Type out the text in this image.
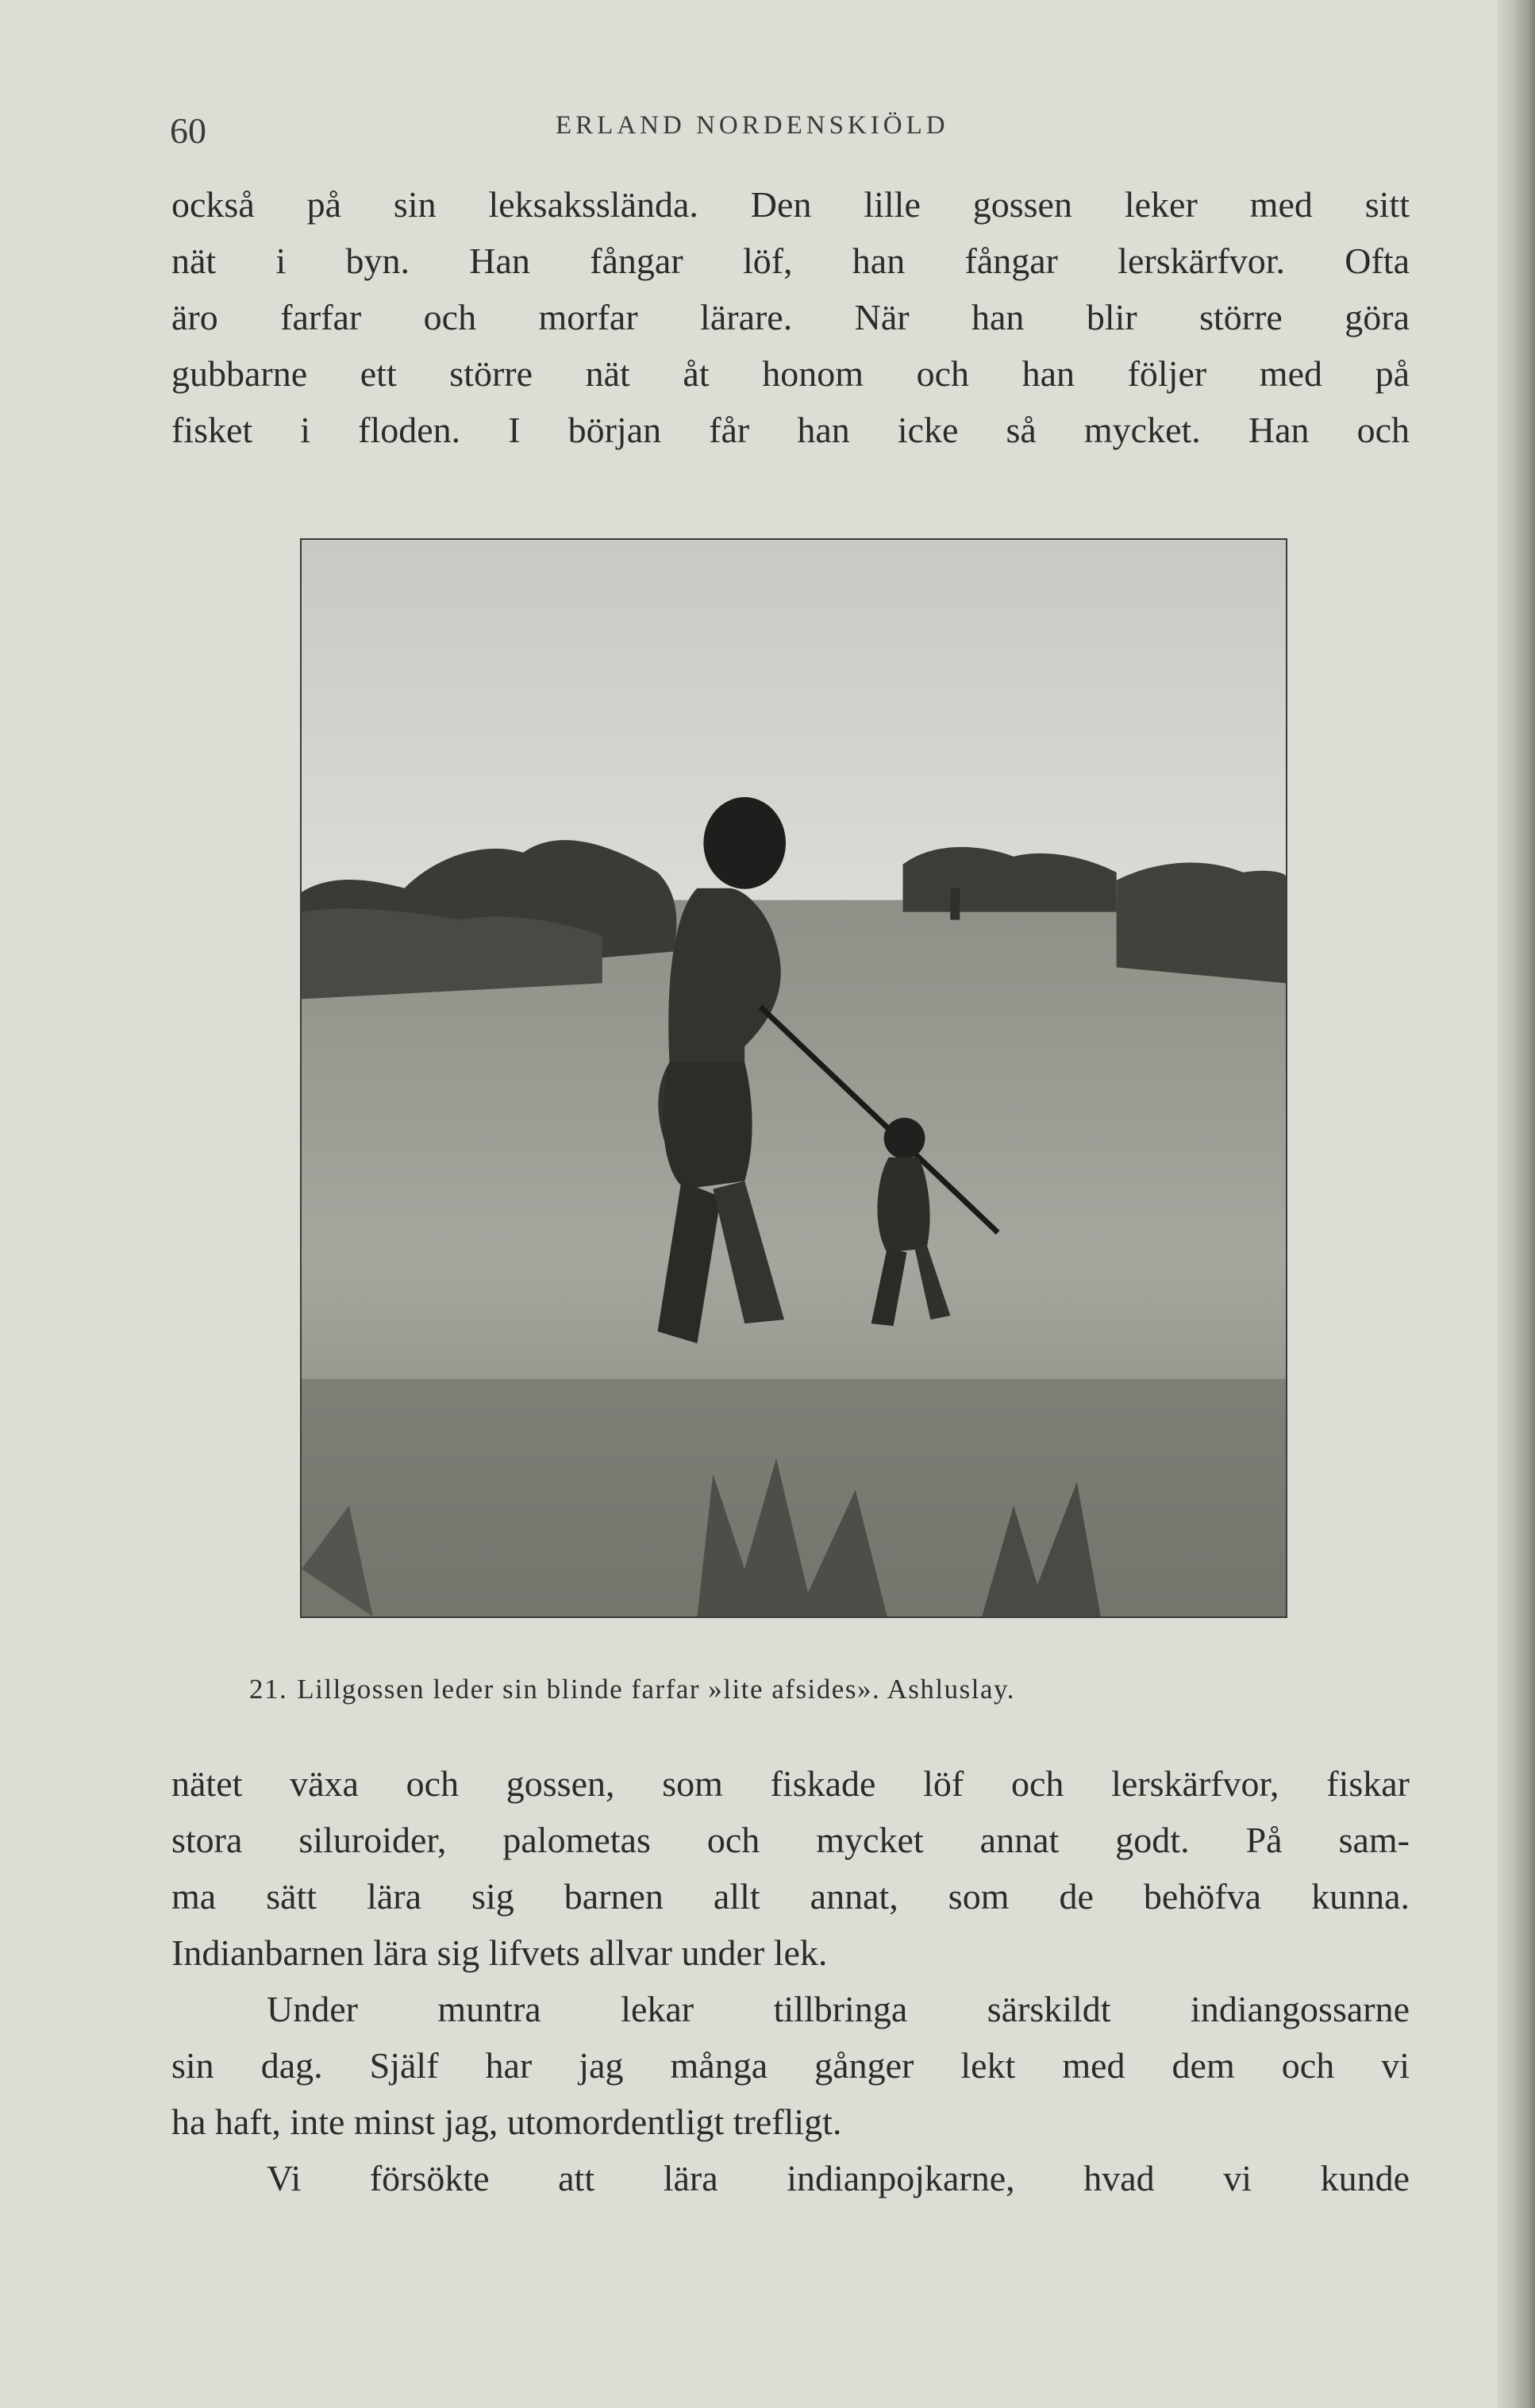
60	ERLAND NORDENSKIÖLD
också på sin leksaksslända. Den lille gossen leker med sitt
nät i byn. Han fångar löf, han fångar lerskärfvor. Ofta
äro farfar och morfar lärare. När han blir större göra
gubbarne ett större nät åt honom och han följer med på
fisket i floden. I början får han icke så mycket. Han och
21. Lillgossen leder sin blinde farfar »lite afsides». Ashluslay.
nätet växa och gossen, som fiskade löf och lerskärfvor, fiskar
stora siluroider, palometas och mycket annat godt. På sam-
ma sätt lära sig barnen allt annat, som de behöfva kunna.
Indianbarnen lära sig lifvets allvar under lek.
Under muntra lekar tillbringa särskildt indiangossarne
sin dag. Själf har jag många gånger lekt med dem och vi
ha haft, inte minst jag, utomordentligt trefligt.
Vi försökte att lära indianpojkarne, hvad vi kunde
